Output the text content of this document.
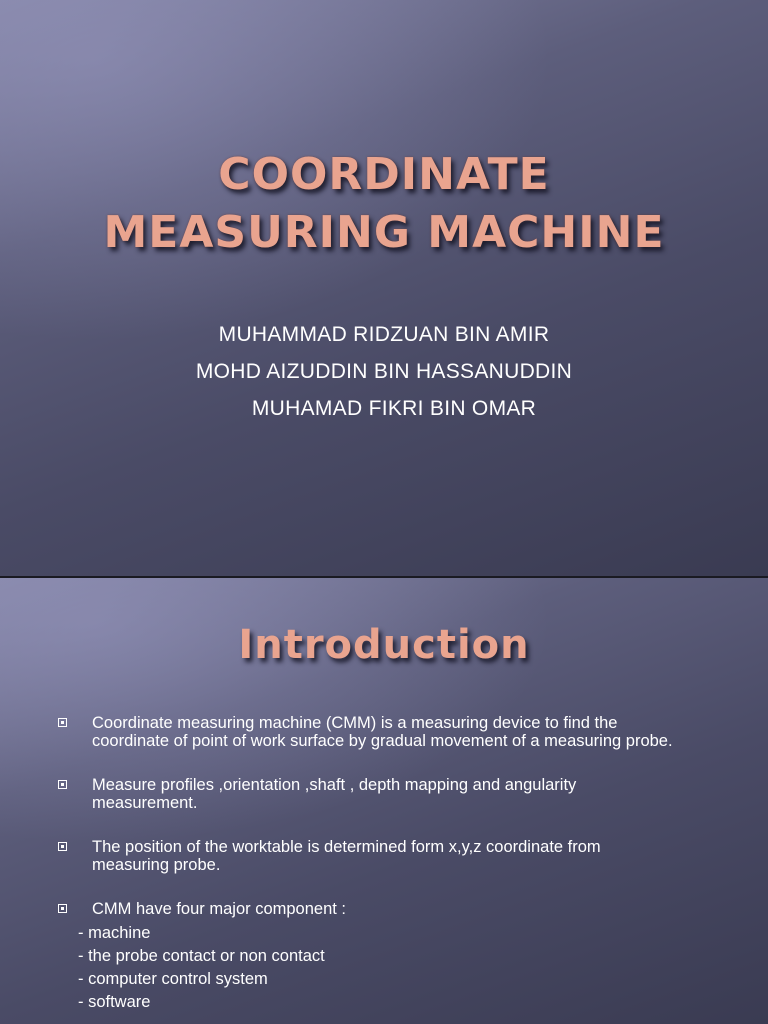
COORDINATE
MEASURING MACHINE
MUHAMMAD RIDZUAN BIN AMIR
MOHD AIZUDDIN BIN HASSANUDDIN
MUHAMAD FIKRI BIN OMAR
Introduction
Coordinate measuring machine (CMM) is a measuring device to find the coordinate of point of work surface by gradual movement of a measuring probe.
Measure profiles ,orientation ,shaft , depth mapping and angularity measurement.
The position of the worktable is determined form x,y,z coordinate from measuring probe.
CMM have four major component :
- machine
- the probe contact or non contact
- computer control system
- software
